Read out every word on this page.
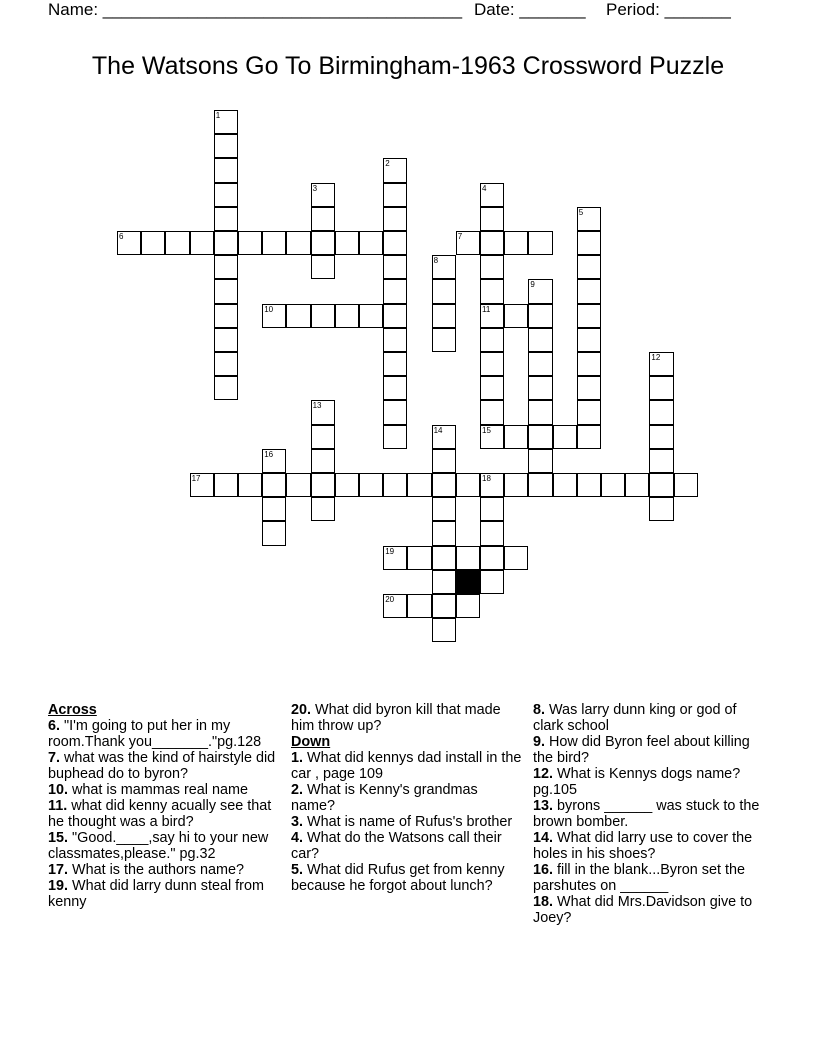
Name: ______________________________________ Date: _______ Period: _______
The Watsons Go To Birmingham-1963 Crossword Puzzle
1
2
3	4
11
15
5
6	7
8
9
10
12
13
14
16
17	18
19
20
Across
6. "I'm going to put her in my room.Thank you_______."pg.128
7. what was the kind of hairstyle did buphead do to byron?
10. what is mammas real name
11. what did kenny acually see that he thought was a bird?
15. "Good.____,say hi to your new classmates,please." pg.32
17. What is the authors name?
19. What did larry dunn steal from kenny
20. What did byron kill that made him throw up?
Down
1. What did kennys dad install in the car , page 109
2. What is Kenny's grandmas name?
3. What is name of Rufus's brother
4. What do the Watsons call their car?
5. What did Rufus get from kenny because he forgot about lunch?
8. Was larry dunn king or god of clark school
9. How did Byron feel about killing the bird?
12. What is Kennys dogs name? pg.105
13. byrons ______ was stuck to the brown bomber.
14. What did larry use to cover the holes in his shoes?
16. fill in the blank...Byron set the parshutes on ______
18. What did Mrs.Davidson give to Joey?
